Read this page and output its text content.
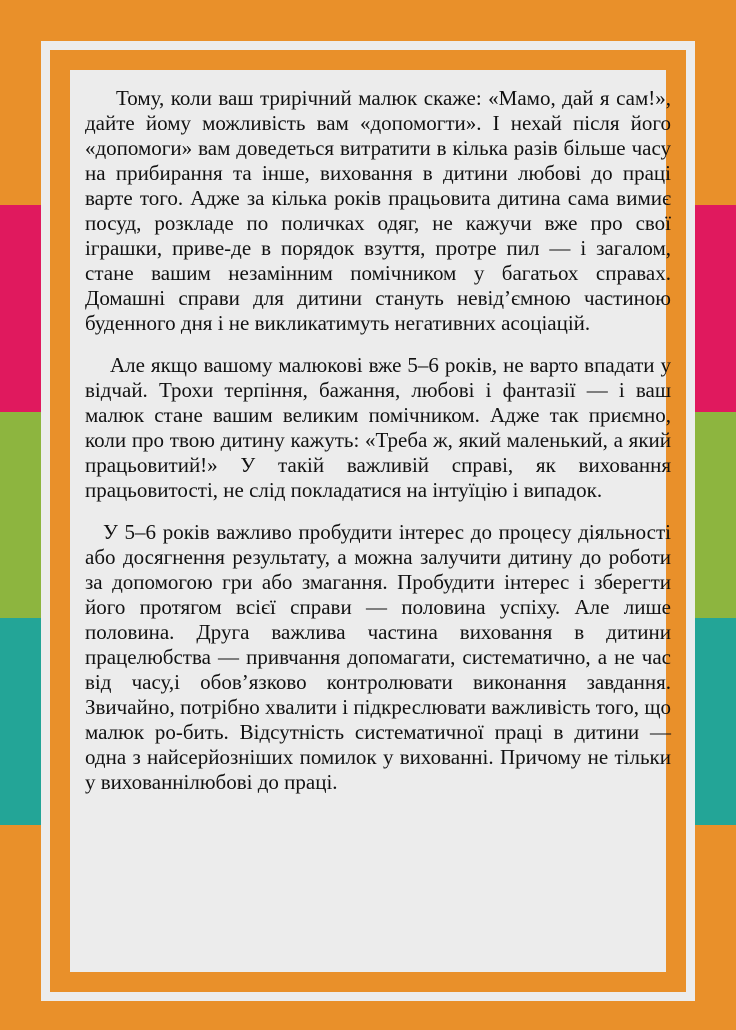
Тому, коли ваш трирічний малюк скаже: «Мамо, дай я сам!», дайте йому можливість вам «допомогти». І нехай після його «допомоги» вам доведеться витратити в кілька разів більше часу на прибирання та інше, виховання в дитини любові до праці варте того. Адже за кілька років працьовита дитина сама вимиє посуд, розкладе по поличках одяг, не кажучи вже про свої іграшки, приве-де в порядок взуття, протре пил — і загалом, стане вашим незамінним помічником у багатьох справах. Домашні справи для дитини стануть невід’ємною частиною буденного дня і не викликатимуть негативних асоціацій.

Але якщо вашому малюкові вже 5–6 років, не варто впадати у відчай. Трохи терпіння, бажання, любові і фантазії — і ваш малюк стане вашим великим помічником. Адже так приємно, коли про твою дитину кажуть: «Треба ж, який маленький, а який працьовитий!» У такій важливій справі, як виховання працьовитості, не слід покладатися на інтуїцію і випадок.

У 5–6 років важливо пробудити інтерес до процесу діяльності або досягнення результату, а можна залучити дитину до роботи за допомогою гри або змагання. Пробудити інтерес і зберегти його протягом всієї справи — половина успіху. Але лише половина. Друга важлива частина виховання в дитини працелюбства — привчання допомагати, систематично, а не час від часу,і обов’язково контролювати виконання завдання. Звичайно, потрібно хвалити і підкреслювати важливість того, що малюк ро-бить. Відсутність систематичної праці в дитини — одна з найсерйозніших помилок у вихованні. Причому не тільки у вихованнілюбові до праці.
